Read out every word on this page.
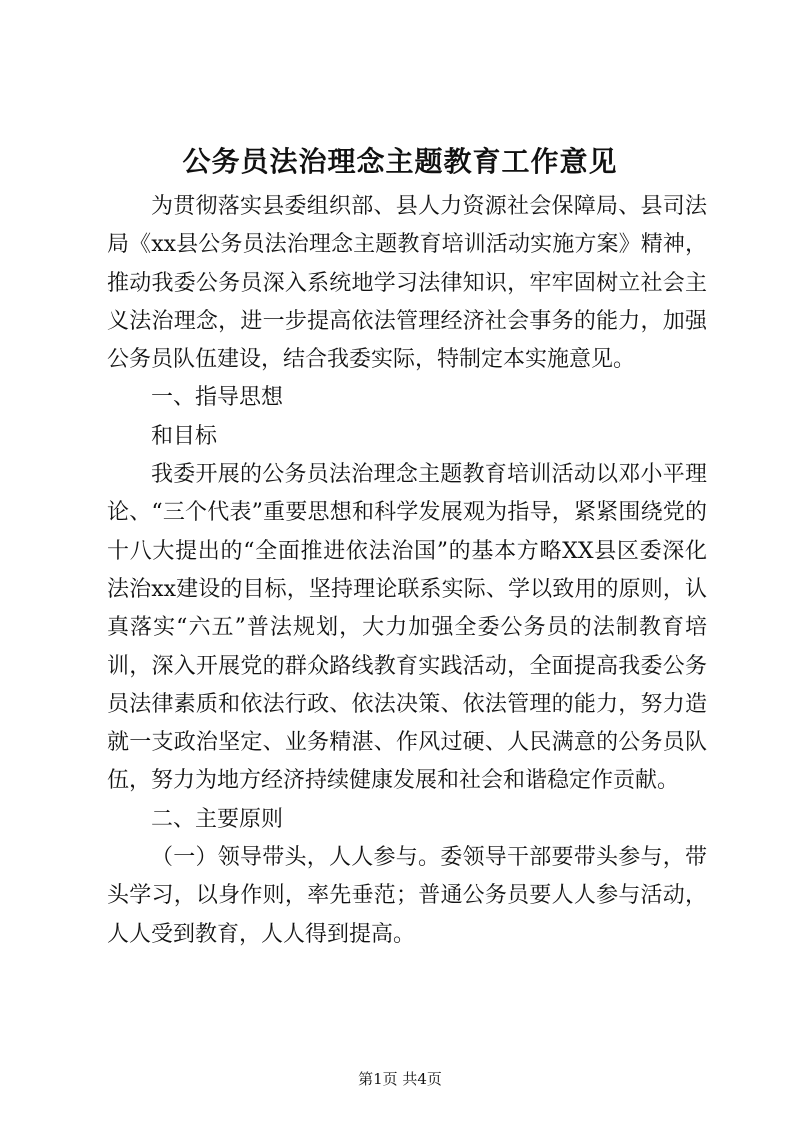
公务员法治理念主题教育工作意见

为贯彻落实县委组织部、县人力资源社会保障局、县司法局《xx县公务员法治理念主题教育培训活动实施方案》精神，推动我委公务员深入系统地学习法律知识，牢牢固树立社会主义法治理念，进一步提高依法管理经济社会事务的能力，加强公务员队伍建设，结合我委实际，特制定本实施意见。

一、指导思想

和目标

我委开展的公务员法治理念主题教育培训活动以邓小平理论、“三个代表”重要思想和科学发展观为指导，紧紧围绕党的十八大提出的“全面推进依法治国”的基本方略XX县区委深化法治xx建设的目标，坚持理论联系实际、学以致用的原则，认真落实“六五”普法规划，大力加强全委公务员的法制教育培训，深入开展党的群众路线教育实践活动，全面提高我委公务员法律素质和依法行政、依法决策、依法管理的能力，努力造就一支政治坚定、业务精湛、作风过硬、人民满意的公务员队伍，努力为地方经济持续健康发展和社会和谐稳定作贡献。

二、主要原则

（一）领导带头，人人参与。委领导干部要带头参与，带头学习，以身作则，率先垂范；普通公务员要人人参与活动，人人受到教育，人人得到提高。

第1页 共4页
